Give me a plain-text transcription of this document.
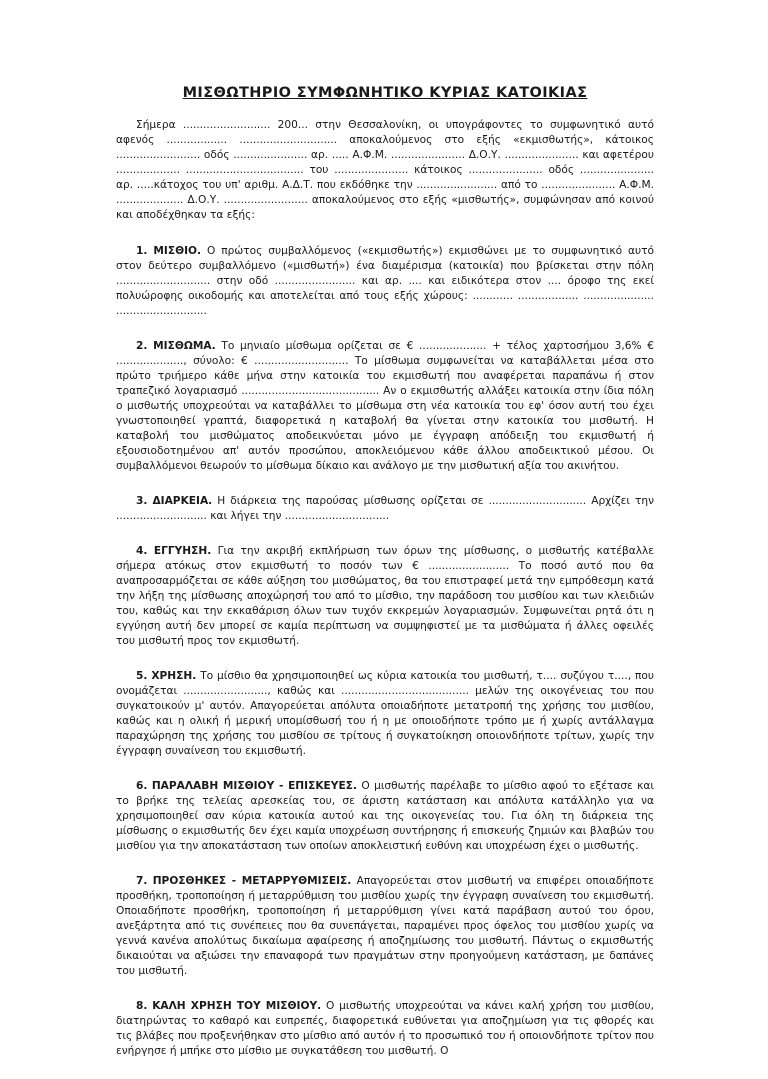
ΜΙΣΘΩΤΗΡΙΟ ΣΥΜΦΩΝΗΤΙΚΟ ΚΥΡΙΑΣ ΚΑΤΟΙΚΙΑΣ

Σήμερα .......................... 200... στην Θεσσαλονίκη, οι υπογράφοντες το συμφωνητικό αυτό αφενός .................. ............................. αποκαλούμενος στο εξής «εκμισθωτής», κάτοικος ......................... οδός ...................... αρ. ..... Α.Φ.Μ. ...................... Δ.Ο.Υ. ...................... και αφετέρου ................... ................................... του ...................... κάτοικος ...................... οδός ...................... αρ. .....κάτοχος του υπ' αριθμ. Α.Δ.Τ. που εκδόθηκε την ........................ από το ...................... Α.Φ.Μ. .................... Δ.Ο.Υ. ......................... αποκαλούμενος στο εξής «μισθωτής», συμφώνησαν από κοινού και αποδέχθηκαν τα εξής:

1. ΜΙΣΘΙΟ. Ο πρώτος συμβαλλόμενος («εκμισθωτής») εκμισθώνει με το συμφωνητικό αυτό στον δεύτερο συμβαλλόμενο («μισθωτή») ένα διαμέρισμα (κατοικία) που βρίσκεται στην πόλη ............................ στην οδό ........................ και αρ. .... και ειδικότερα στον .... όροφο της εκεί πολυώροφης οικοδομής και αποτελείται από τους εξής χώρους: ............ .................. ..................... ...........................

2. ΜΙΣΘΩΜΑ. Το μηνιαίο μίσθωμα ορίζεται σε € .................... + τέλος χαρτοσήμου 3,6% € ...................., σύνολο: € ............................ Το μίσθωμα συμφωνείται να καταβάλλεται μέσα στο πρώτο τριήμερο κάθε μήνα στην κατοικία του εκμισθωτή που αναφέρεται παραπάνω ή στον τραπεζικό λογαριασμό ......................................... Αν ο εκμισθωτής αλλάξει κατοικία στην ίδια πόλη ο μισθωτής υποχρεούται να καταβάλλει το μίσθωμα στη νέα κατοικία του εφ' όσον αυτή του έχει γνωστοποιηθεί γραπτά, διαφορετικά η καταβολή θα γίνεται στην κατοικία του μισθωτή. Η καταβολή του μισθώματος αποδεικνύεται μόνο με έγγραφη απόδειξη του εκμισθωτή ή εξουσιοδοτημένου απ' αυτόν προσώπου, αποκλειόμενου κάθε άλλου αποδεικτικού μέσου. Οι συμβαλλόμενοι θεωρούν το μίσθωμα δίκαιο και ανάλογο με την μισθωτική αξία του ακινήτου.

3. ΔΙΑΡΚΕΙΑ. Η διάρκεια της παρούσας μίσθωσης ορίζεται σε ............................. Αρχίζει την ........................... και λήγει την ...............................

4. ΕΓΓΥΗΣΗ. Για την ακριβή εκπλήρωση των όρων της μίσθωσης, ο μισθωτής κατέβαλλε σήμερα ατόκως στον εκμισθωτή το ποσόν των € ........................ Το ποσό αυτό που θα αναπροσαρμόζεται σε κάθε αύξηση του μισθώματος, θα του επιστραφεί μετά την εμπρόθεσμη κατά την λήξη της μίσθωσης αποχώρησή του από το μίσθιο, την παράδοση του μισθίου και των κλειδιών του, καθώς και την εκκαθάριση όλων των τυχόν εκκρεμών λογαριασμών. Συμφωνείται ρητά ότι η εγγύηση αυτή δεν μπορεί σε καμία περίπτωση να συμψηφιστεί με τα μισθώματα ή άλλες οφειλές του μισθωτή προς τον εκμισθωτή.

5. ΧΡΗΣΗ. Το μίσθιο θα χρησιμοποιηθεί ως κύρια κατοικία του μισθωτή, τ.... συζύγου τ...., που ονομάζεται ........................., καθώς και ...................................... μελών της οικογένειας του που συγκατοικούν μ' αυτόν. Απαγορεύεται απόλυτα οποιαδήποτε μετατροπή της χρήσης του μισθίου, καθώς και η ολική ή μερική υπομίσθωσή του ή η με οποιοδήποτε τρόπο με ή χωρίς αντάλλαγμα παραχώρηση της χρήσης του μισθίου σε τρίτους ή συγκατοίκηση οποιονδήποτε τρίτων, χωρίς την έγγραφη συναίνεση του εκμισθωτή.

6. ΠΑΡΑΛΑΒΗ ΜΙΣΘΙΟΥ - ΕΠΙΣΚΕΥΕΣ. Ο μισθωτής παρέλαβε το μίσθιο αφού το εξέτασε και το βρήκε της τελείας αρεσκείας του, σε άριστη κατάσταση και απόλυτα κατάλληλο για να χρησιμοποιηθεί σαν κύρια κατοικία αυτού και της οικογενείας του. Για όλη τη διάρκεια της μίσθωσης ο εκμισθωτής δεν έχει καμία υποχρέωση συντήρησης ή επισκευής ζημιών και βλαβών του μισθίου για την αποκατάσταση των οποίων αποκλειστική ευθύνη και υποχρέωση έχει ο μισθωτής.

7. ΠΡΟΣΘΗΚΕΣ - ΜΕΤΑΡΡΥΘΜΙΣΕΙΣ. Απαγορεύεται στον μισθωτή να επιφέρει οποιαδήποτε προσθήκη, τροποποίηση ή μεταρρύθμιση του μισθίου χωρίς την έγγραφη συναίνεση του εκμισθωτή. Οποιαδήποτε προσθήκη, τροποποίηση ή μεταρρύθμιση γίνει κατά παράβαση αυτού του όρου, ανεξάρτητα από τις συνέπειες που θα συνεπάγεται, παραμένει προς όφελος του μισθίου χωρίς να γεννά κανένα απολύτως δικαίωμα αφαίρεσης ή αποζημίωσης του μισθωτή. Πάντως ο εκμισθωτής δικαιούται να αξιώσει την επαναφορά των πραγμάτων στην προηγούμενη κατάσταση, με δαπάνες του μισθωτή.

8. ΚΑΛΗ ΧΡΗΣΗ ΤΟΥ ΜΙΣΘΙΟΥ. Ο μισθωτής υποχρεούται να κάνει καλή χρήση του μισθίου, διατηρώντας το καθαρό και ευπρεπές, διαφορετικά ευθύνεται για αποζημίωση για τις φθορές και τις βλάβες που προξενήθηκαν στο μίσθιο από αυτόν ή το προσωπικό του ή οποιονδήποτε τρίτον που ενήργησε ή μπήκε στο μίσθιο με συγκατάθεση του μισθωτή. Ο
